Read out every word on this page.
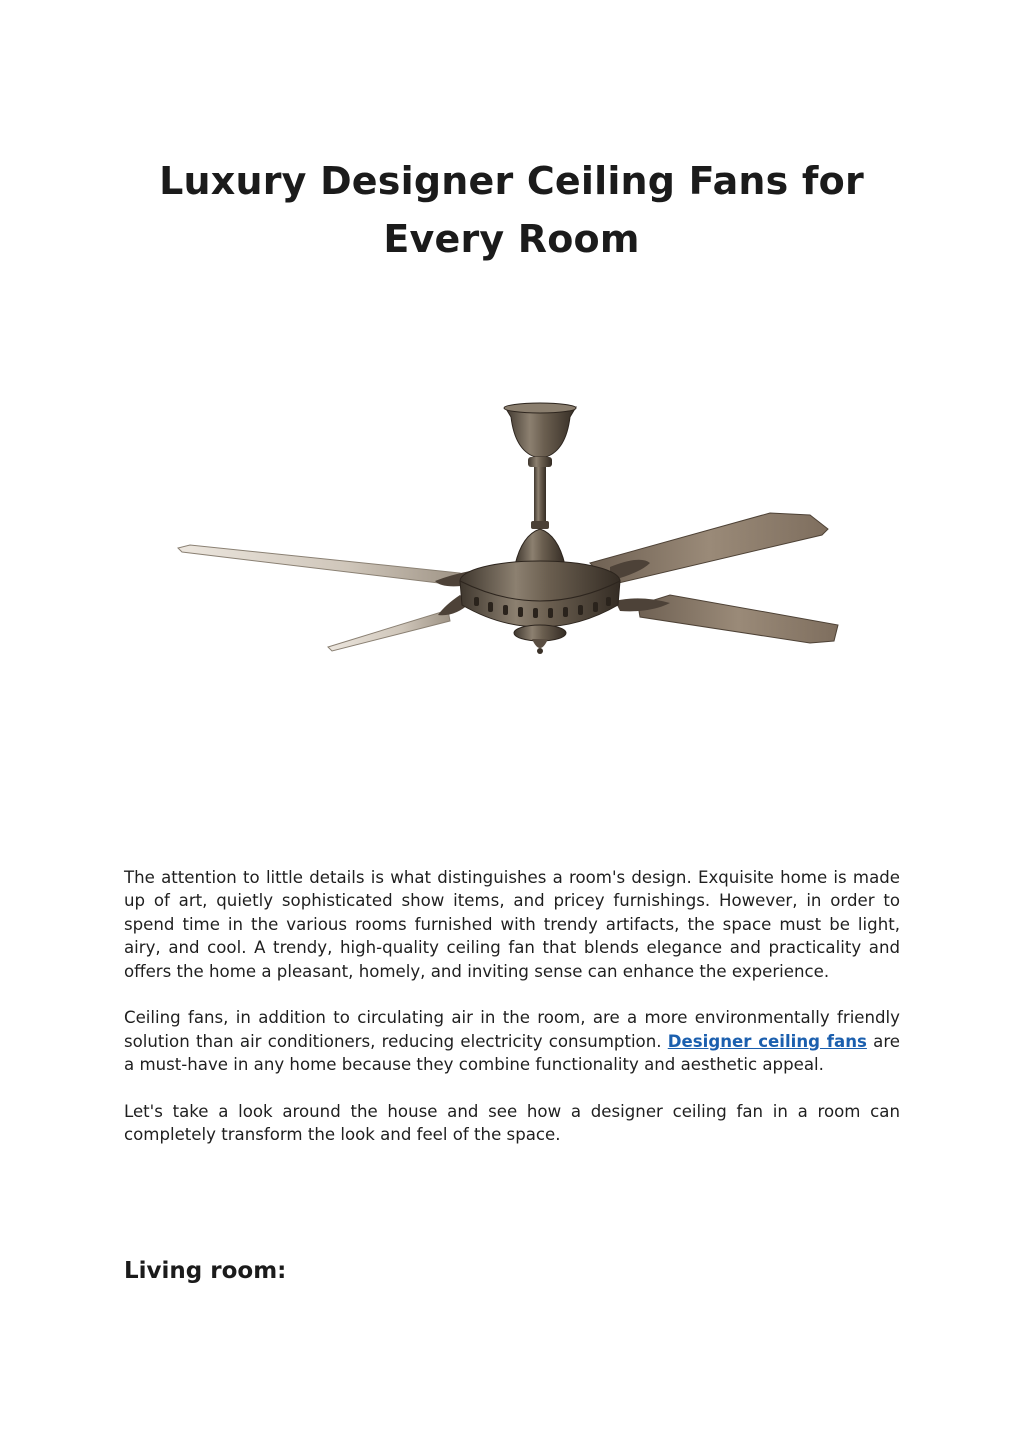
Luxury Designer Ceiling Fans for Every Room

The attention to little details is what distinguishes a room's design. Exquisite home is made up of art, quietly sophisticated show items, and pricey furnishings. However, in order to spend time in the various rooms furnished with trendy artifacts, the space must be light, airy, and cool. A trendy, high-quality ceiling fan that blends elegance and practicality and offers the home a pleasant, homely, and inviting sense can enhance the experience.

Ceiling fans, in addition to circulating air in the room, are a more environmentally friendly solution than air conditioners, reducing electricity consumption. Designer ceiling fans are a must-have in any home because they combine functionality and aesthetic appeal.

Let's take a look around the house and see how a designer ceiling fan in a room can completely transform the look and feel of the space.

Living room:
